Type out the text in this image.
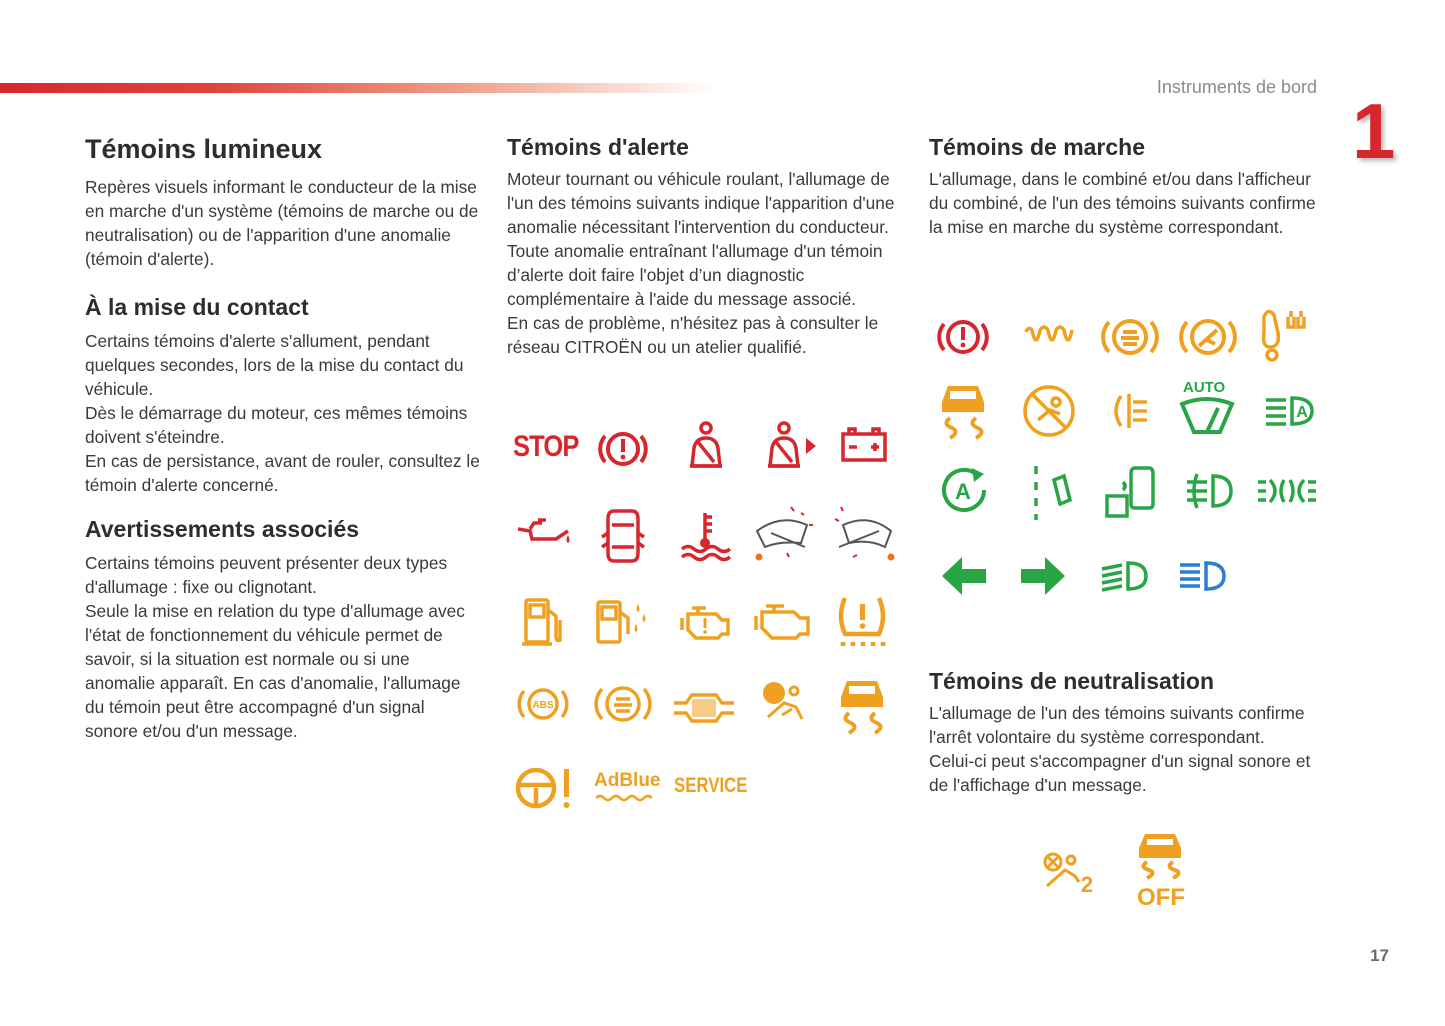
Instruments de bord 1
17
Témoins lumineux

Repères visuels informant le conducteur de la mise en marche d'un système (témoins de marche ou de neutralisation) ou de l'apparition d'une anomalie (témoin d'alerte).

À la mise du contact

Certains témoins d'alerte s'allument, pendant quelques secondes, lors de la mise du contact du véhicule.

Dès le démarrage du moteur, ces mêmes témoins doivent s'éteindre.

En cas de persistance, avant de rouler, consultez le témoin d'alerte concerné.

Avertissements associés

Certains témoins peuvent présenter deux types d'allumage : fixe ou clignotant.

Seule la mise en relation du type d'allumage avec l'état de fonctionnement du véhicule permet de savoir, si la situation est normale ou si une anomalie apparaît. En cas d'anomalie, l'allumage du témoin peut être accompagné d'un signal sonore et/ou d'un message.

Témoins d'alerte

Moteur tournant ou véhicule roulant, l'allumage de l'un des témoins suivants indique l'apparition d'une anomalie nécessitant l'intervention du conducteur.

Toute anomalie entraînant l'allumage d'un témoin d’alerte doit faire l'objet d’un diagnostic complémentaire à l'aide du message associé.

En cas de problème, n'hésitez pas à consulter le réseau CITROËN ou un atelier qualifié.

Témoins de marche

L'allumage, dans le combiné et/ou dans l'afficheur du combiné, de l'un des témoins suivants confirme la mise en marche du système correspondant.

Témoins de neutralisation

L'allumage de l'un des témoins suivants confirme l'arrêt volontaire du système correspondant.

Celui-ci peut s'accompagner d'un signal sonore et de l'affichage d'un message.

STOP
ABS
AdBlue SERVICE
AUTO
A
A
2 OFF
